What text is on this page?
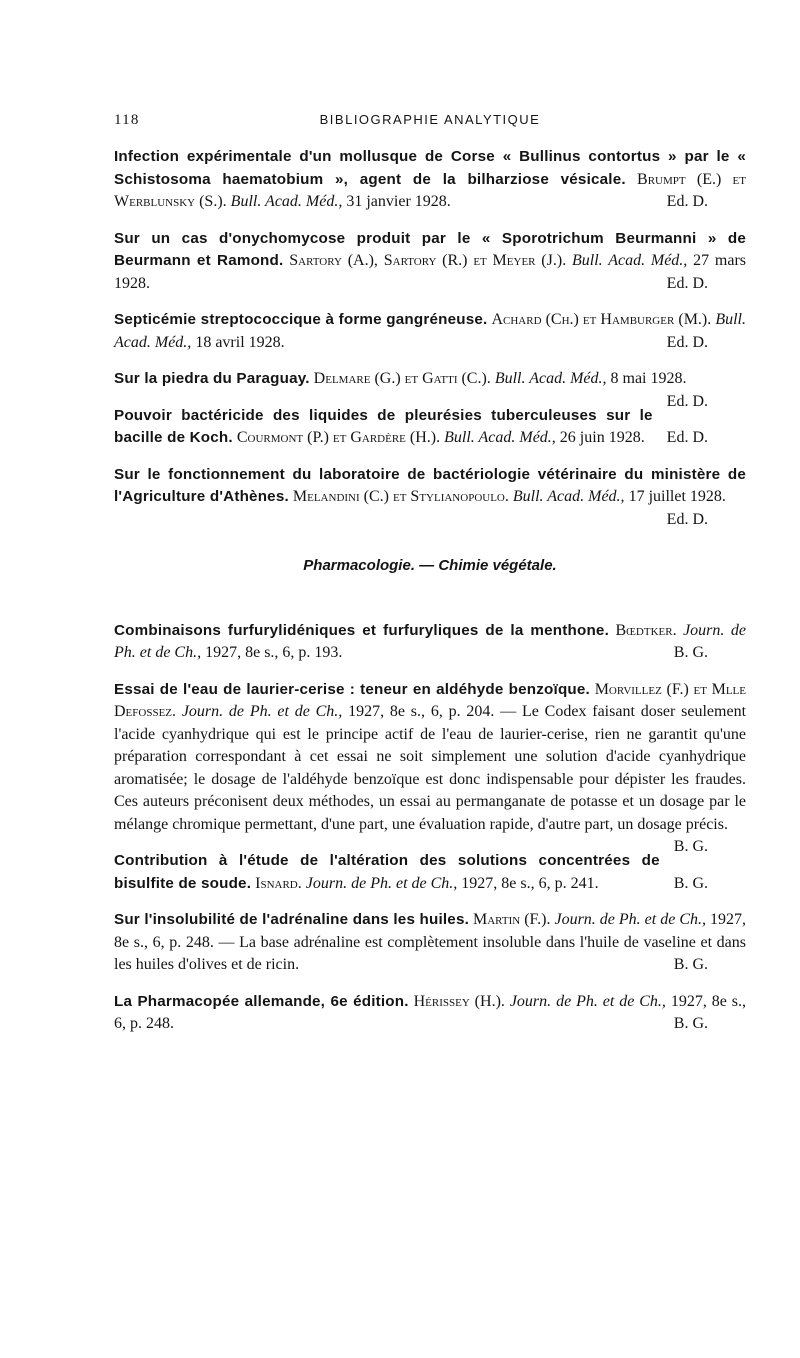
118	BIBLIOGRAPHIE ANALYTIQUE
Infection expérimentale d'un mollusque de Corse « Bullinus contortus » par le « Schistosoma haematobium », agent de la bilharziose vésicale. Brumpt (E.) et Werblunsky (S.). Bull. Acad. Méd., 31 janvier 1928.	Ed. D.
Sur un cas d'onychomycose produit par le « Sporotrichum Beurmanni » de Beurmann et Ramond. Sartory (A.), Sartory (R.) et Meyer (J.). Bull. Acad. Méd., 27 mars 1928.	Ed. D.
Septicémie streptococcique à forme gangréneuse. Achard (Ch.) et Hamburger (M.). Bull. Acad. Méd., 18 avril 1928.	Ed. D.
Sur la piedra du Paraguay. Delmare (G.) et Gatti (C.). Bull. Acad. Méd., 8 mai 1928.
Ed. D.
Pouvoir bactéricide des liquides de pleurésies tuberculeuses sur le bacille de Koch. Courmont (P.) et Gardère (H.). Bull. Acad. Méd., 26 juin 1928. Ed. D.
Sur le fonctionnement du laboratoire de bactériologie vétérinaire du ministère de l'Agriculture d'Athènes. Melandini (C.) et Stylianopoulo. Bull. Acad. Méd., 17 juillet 1928.
Ed. D.
Pharmacologie. — Chimie végétale.
Combinaisons furfurylidéniques et furfuryliques de la menthone. Bœdtker. Journ. de Ph. et de Ch., 1927, 8e s., 6, p. 193.	B. G.
Essai de l'eau de laurier-cerise : teneur en aldéhyde benzoïque. Morvillez (F.) et Mlle Defossez. Journ. de Ph. et de Ch., 1927, 8e s., 6, p. 204. — Le Codex faisant doser seulement l'acide cyanhydrique qui est le principe actif de l'eau de laurier-cerise, rien ne garantit qu'une préparation correspondant à cet essai ne soit simplement une solution d'acide cyanhydrique aromatisée; le dosage de l'aldéhyde benzoïque est donc indispensable pour dépister les fraudes. Ces auteurs préconisent deux méthodes, un essai au permanganate de potasse et un dosage par le mélange chromique permettant, d'une part, une évaluation rapide, d'autre part, un dosage précis.
B. G.
Contribution à l'étude de l'altération des solutions concentrées de bisulfite de soude. Isnard. Journ. de Ph. et de Ch., 1927, 8e s., 6, p. 241.	B. G.
Sur l'insolubilité de l'adrénaline dans les huiles. Martin (F.). Journ. de Ph. et de Ch., 1927, 8e s., 6, p. 248. — La base adrénaline est complètement insoluble dans l'huile de vaseline et dans les huiles d'olives et de ricin.	B. G.
La Pharmacopée allemande, 6e édition. Hérissey (H.). Journ. de Ph. et de Ch., 1927, 8e s., 6, p. 248.	B. G.
